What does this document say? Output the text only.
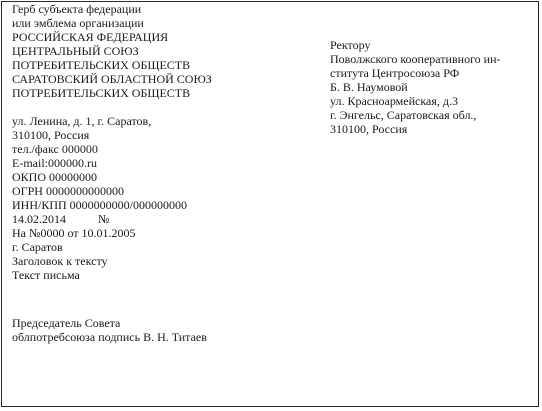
Герб субъекта федерации
или эмблема организации
РОССИЙСКАЯ ФЕДЕРАЦИЯ
ЦЕНТРАЛЬНЫЙ СОЮЗ
ПОТРЕБИТЕЛЬСКИХ ОБЩЕСТВ
САРАТОВСКИЙ ОБЛАСТНОЙ СОЮЗ
ПОТРЕБИТЕЛЬСКИХ ОБЩЕСТВ
ул. Ленина, д. 1, г. Саратов,
310100, Россия
тел./факс 000000
E-mail:000000.ru
ОКПО 00000000
ОГРН 0000000000000
ИНН/КПП 0000000000/000000000
14.02.2014	№
На №0000 от 10.01.2005
г. Саратов
Заголовок к тексту
Текст письма
Председатель Совета
облпотребсоюза подпись В. Н. Титаев
Ректору
Поволжского кооперативного ин-
ститута Центросоюза РФ
Б. В. Наумовой
ул. Красноармейская, д.3
г. Энгельс, Саратовская обл.,
310100, Россия
